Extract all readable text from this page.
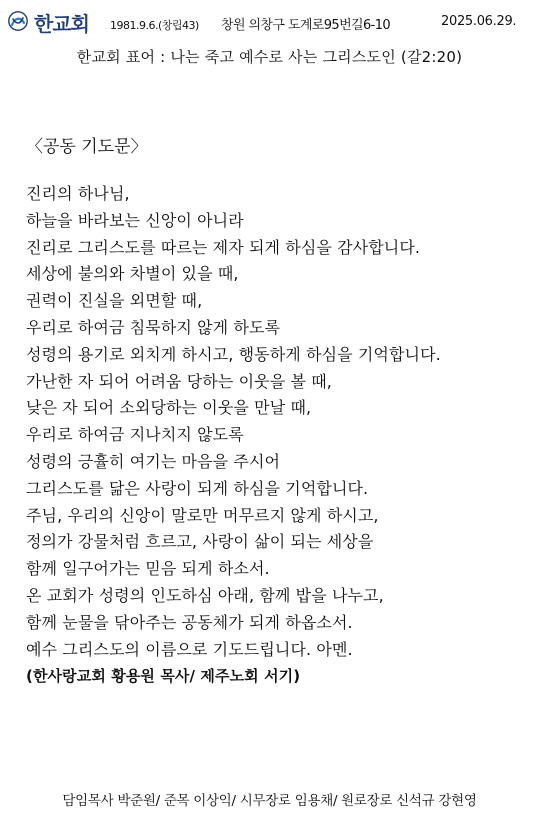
한교회 1981.9.6.(창립43) 창원 의창구 도계로95번길6-10	2025.06.29.
한교회 표어 : 나는 죽고 예수로 사는 그리스도인 (갈2:20)
〈공동 기도문〉
진리의 하나님,
하늘을 바라보는 신앙이 아니라
진리로 그리스도를 따르는 제자 되게 하심을 감사합니다.
세상에 불의와 차별이 있을 때,
권력이 진실을 외면할 때,
우리로 하여금 침묵하지 않게 하도록
성령의 용기로 외치게 하시고, 행동하게 하심을 기억합니다.
가난한 자 되어 어려움 당하는 이웃을 볼 때,
낮은 자 되어 소외당하는 이웃을 만날 때,
우리로 하여금 지나치지 않도록
성령의 긍휼히 여기는 마음을 주시어
그리스도를 닮은 사랑이 되게 하심을 기억합니다.
주님, 우리의 신앙이 말로만 머무르지 않게 하시고,
정의가 강물처럼 흐르고, 사랑이 삶이 되는 세상을
함께 일구어가는 믿음 되게 하소서.
온 교회가 성령의 인도하심 아래, 함께 밥을 나누고,
함께 눈물을 닦아주는 공동체가 되게 하옵소서.
예수 그리스도의 이름으로 기도드립니다. 아멘.
(한사랑교회 황용원 목사/ 제주노회 서기)
담임목사 박준원/ 준목 이상익/ 시무장로 임용채/ 원로장로 신석규 강현영
